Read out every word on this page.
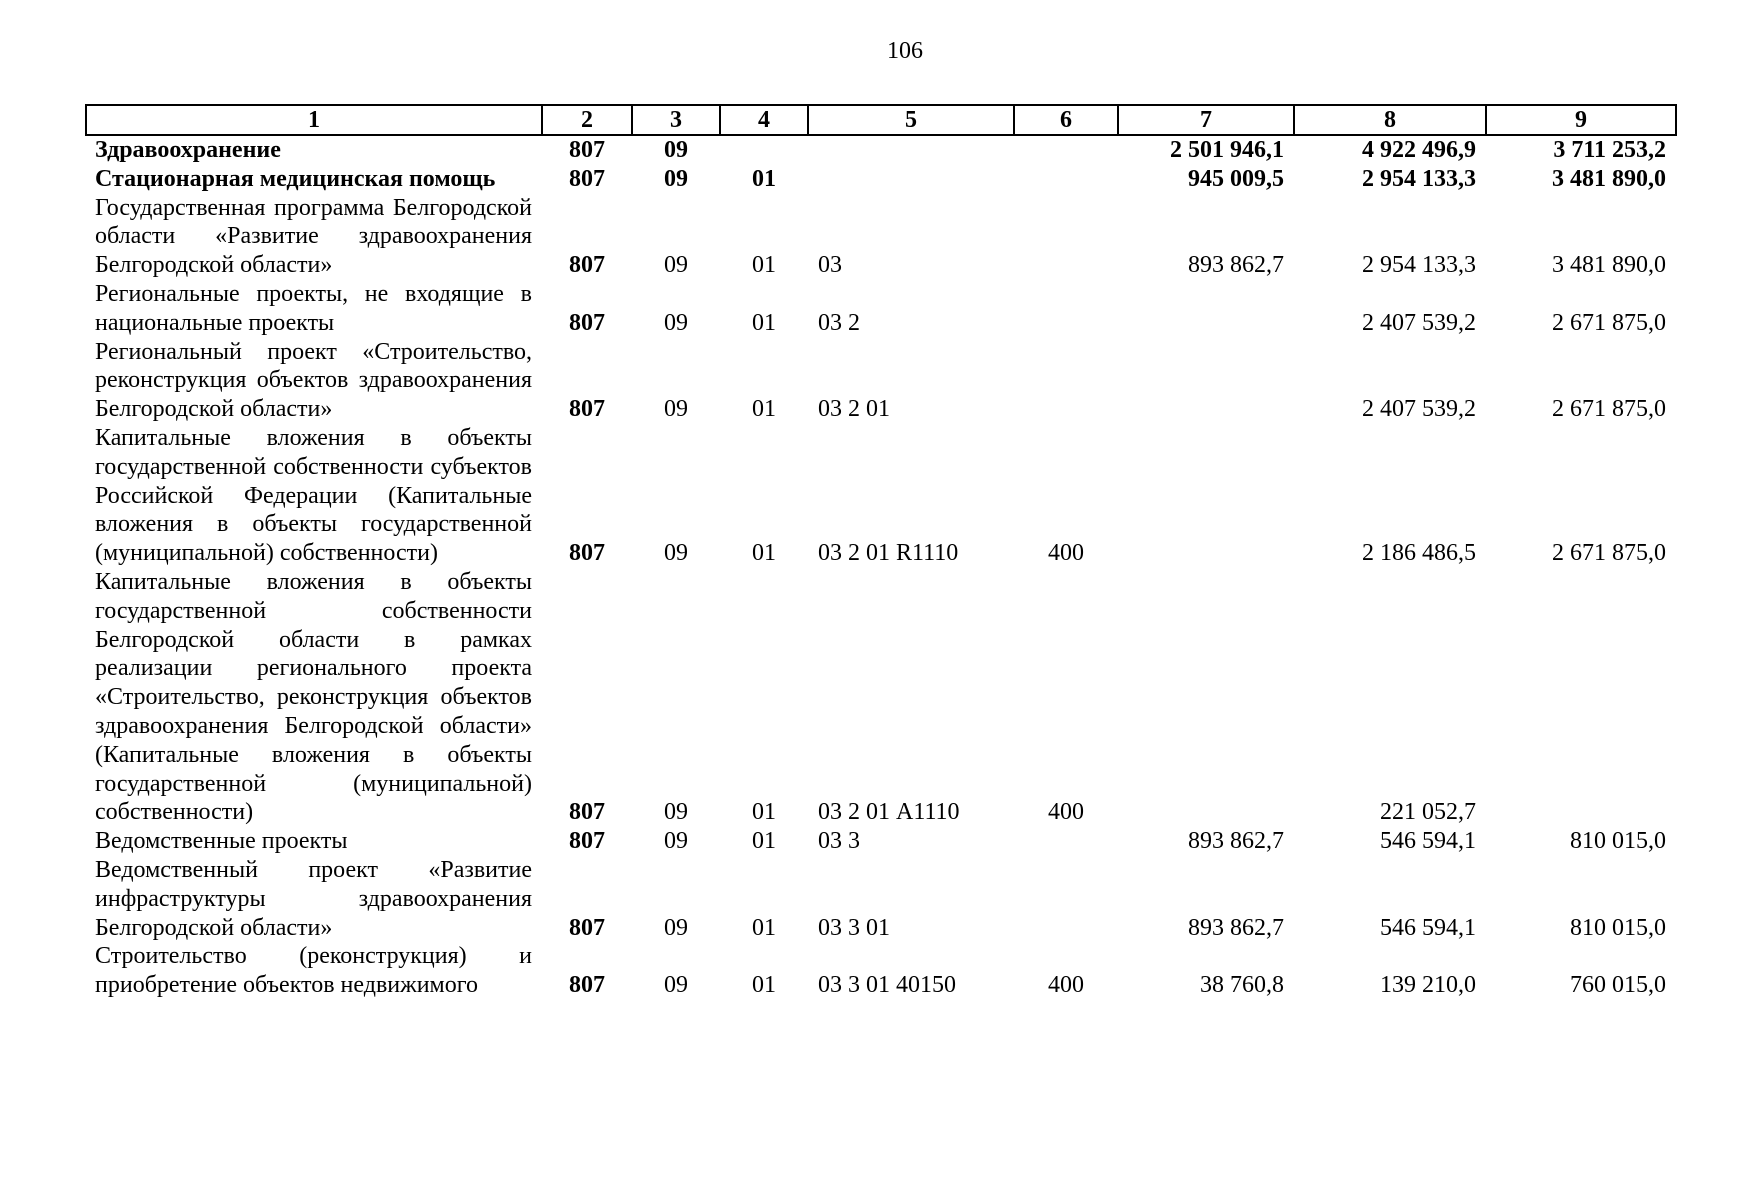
106
1	2	3	4	5	6	7	8	9
Здравоохранение	807	09				2 501 946,1	4 922 496,9	3 711 253,2
Стационарная медицинская помощь	807	09	01			945 009,5	2 954 133,3	3 481 890,0
Государственная программа Белгородской области «Развитие здравоохранения Белгородской области»	807	09	01	03		893 862,7	2 954 133,3	3 481 890,0
Региональные проекты, не входящие в национальные проекты	807	09	01	03 2			2 407 539,2	2 671 875,0
Региональный проект «Строительство, реконструкция объектов здравоохранения Белгородской области»	807	09	01	03 2 01			2 407 539,2	2 671 875,0
Капитальные вложения в объекты государственной собственности субъектов Российской Федерации (Капитальные вложения в объекты государственной (муниципальной) собственности)	807	09	01	03 2 01 R1110	400		2 186 486,5	2 671 875,0
Капитальные вложения в объекты государственной собственности Белгородской области в рамках реализации регионального проекта «Строительство, реконструкция объектов здравоохранения Белгородской области» (Капитальные вложения в объекты государственной (муниципальной) собственности)	807	09	01	03 2 01 А1110	400		221 052,7	
Ведомственные проекты	807	09	01	03 3		893 862,7	546 594,1	810 015,0
Ведомственный проект «Развитие инфраструктуры здравоохранения Белгородской области»	807	09	01	03 3 01		893 862,7	546 594,1	810 015,0
Строительство (реконструкция) и приобретение объектов недвижимого	807	09	01	03 3 01 40150	400	38 760,8	139 210,0	760 015,0
